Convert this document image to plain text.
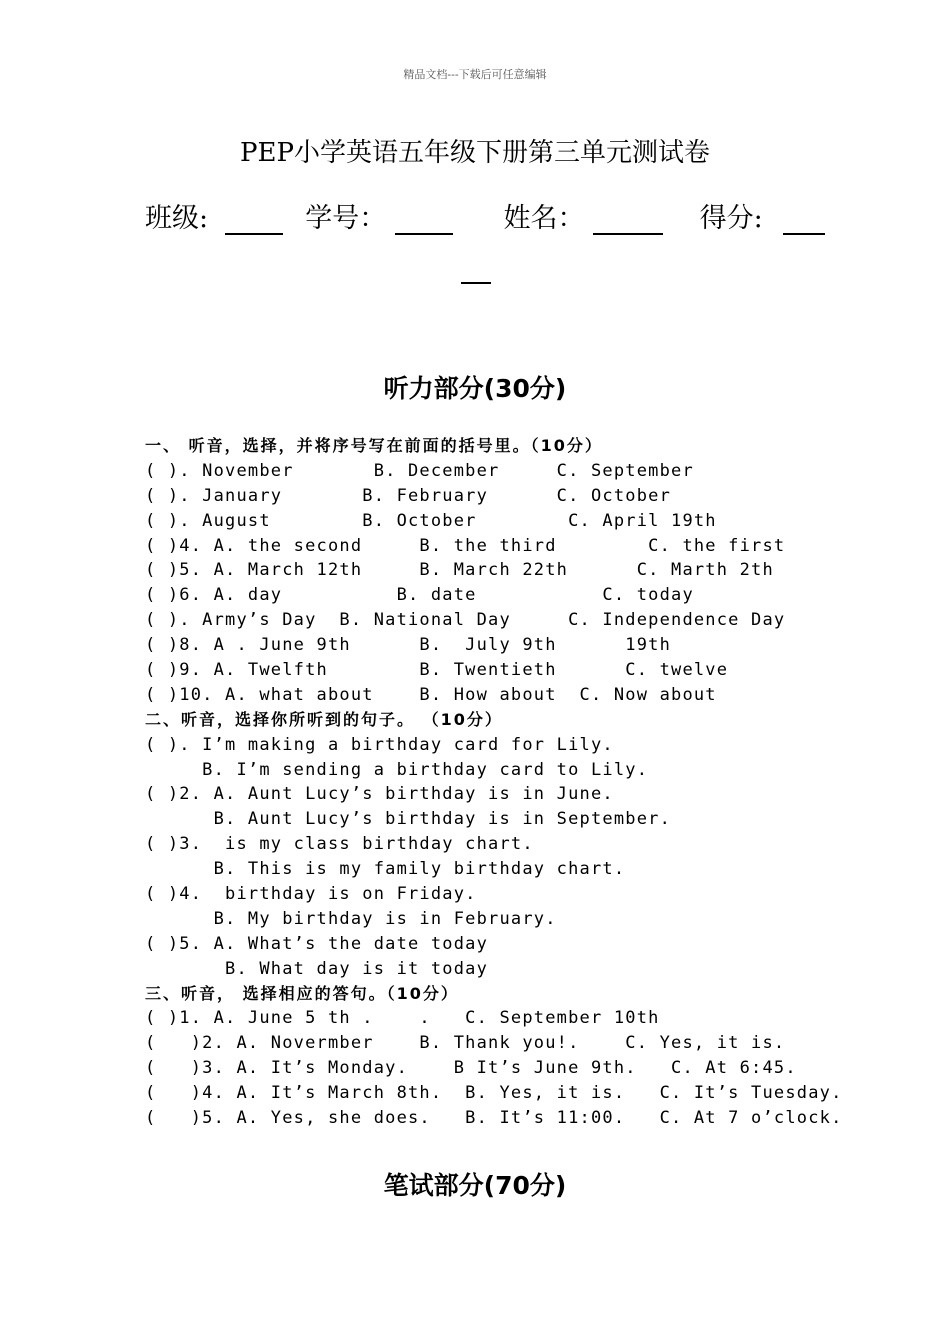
精品文档---下载后可任意编辑
PEP小学英语五年级下册第三单元测试卷
班级:	学号：	姓名：	得分:
听力部分(30分)
一、 听音，选择，并将序号写在前面的括号里。（10分）
( ). November       B. December     C. September
( ). January       B. February      C. October
( ). August        B. October        C. April 19th
( )4. A. the second     B. the third        C. the first
( )5. A. March 12th     B. March 22th      C. Marth 2th
( )6. A. day          B. date           C. today
( ). Army’s Day  B. National Day     C. Independence Day
( )8. A . June 9th      B.  July 9th      19th
( )9. A. Twelfth        B. Twentieth      C. twelve
( )10. A. what about    B. How about  C. Now about
二、听音，选择你所听到的句子。 （10分）
( ). I’m making a birthday card for Lily.
B. I’m sending a birthday card to Lily.
( )2. A. Aunt Lucy’s birthday is in June.
B. Aunt Lucy’s birthday is in September.
( )3.  is my class birthday chart.
B. This is my family birthday chart.
( )4.  birthday is on Friday.
B. My birthday is in February.
( )5. A. What’s the date today
B. What day is it today
三、听音， 选择相应的答句。（10分）
( )1. A. June 5 th .    .   C. September 10th
(   )2. A. Novermber    B. Thank you!.    C. Yes, it is.
(   )3. A. It’s Monday.    B It’s June 9th.   C. At 6:45.
(   )4. A. It’s March 8th.  B. Yes, it is.   C. It’s Tuesday.
(   )5. A. Yes, she does.   B. It’s 11:00.   C. At 7 o’clock.
笔试部分(70分)
